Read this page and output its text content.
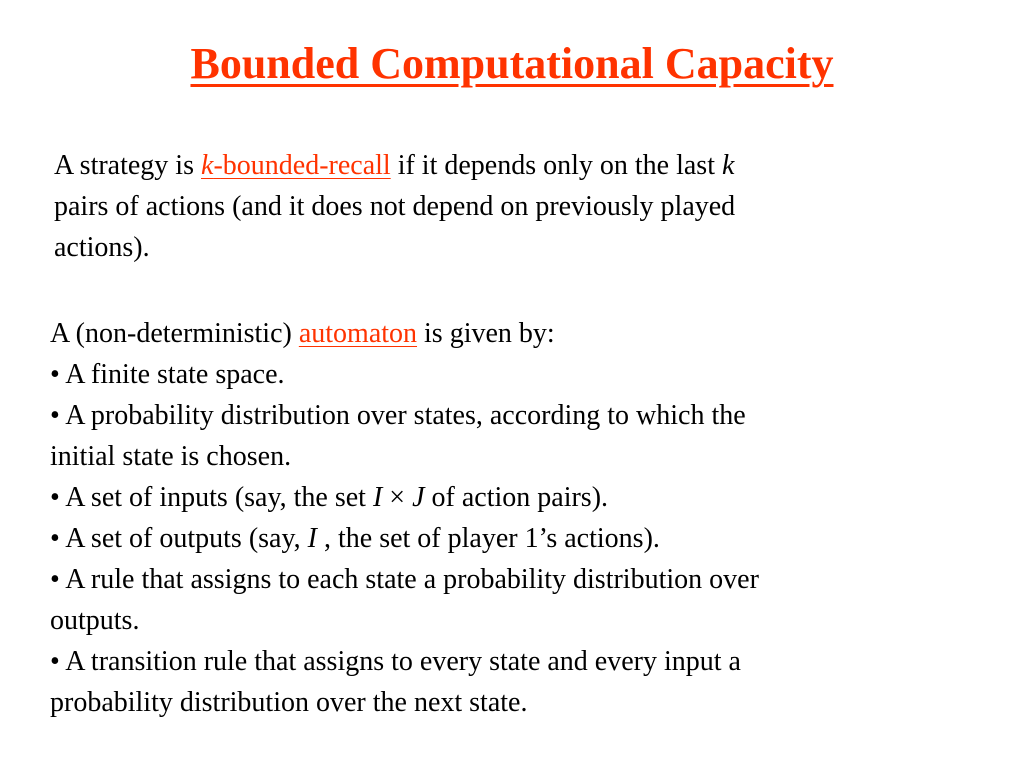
Bounded Computational Capacity
A strategy is k-bounded-recall if it depends only on the last k
pairs of actions (and it does not depend on previously played
actions).
A (non-deterministic) automaton is given by:
• A finite state space.
• A probability distribution over states, according to which the
initial state is chosen.
• A set of inputs (say, the set I × J of action pairs).
• A set of outputs (say, I , the set of player 1’s actions).
• A rule that assigns to each state a probability distribution over
outputs.
• A transition rule that assigns to every state and every input a
probability distribution over the next state.
